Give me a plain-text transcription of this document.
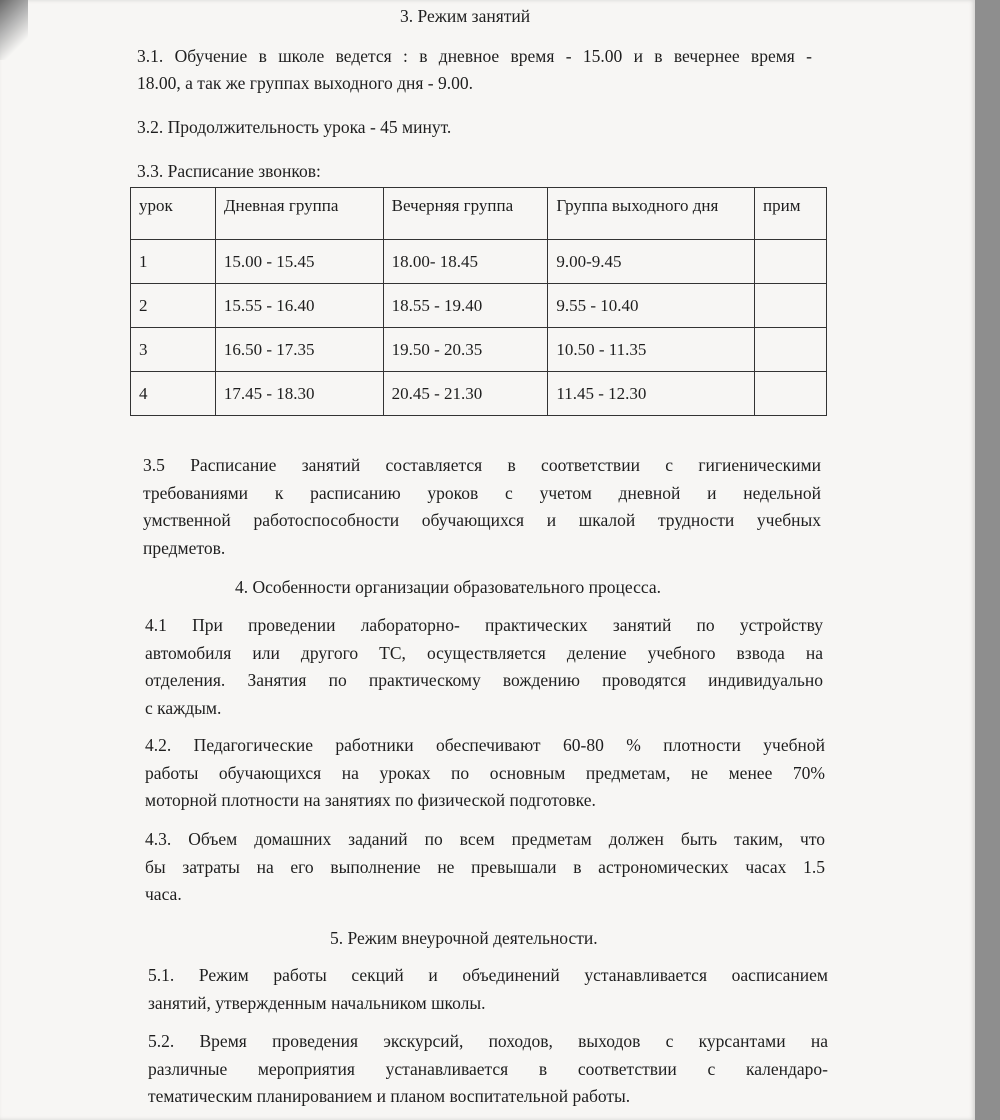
3. Режим занятий
3.1. Обучение в школе ведется : в дневное время - 15.00 и в вечернее время -
18.00, а так же группах выходного дня - 9.00.
3.2. Продолжительность урока - 45 минут.
3.3. Расписание звонков:
урок	Дневная группа	Вечерняя группа	Группа выходного дня	прим
1	15.00 - 15.45	18.00- 18.45	9.00-9.45	
2	15.55 - 16.40	18.55 - 19.40	9.55 - 10.40	
3	16.50 - 17.35	19.50 - 20.35	10.50 - 11.35	
4	17.45 - 18.30	20.45 - 21.30	11.45 - 12.30	
3.5 Расписание занятий составляется в соответствии с гигиеническими
требованиями к расписанию уроков с учетом дневной и недельной
умственной работоспособности обучающихся и шкалой трудности учебных
предметов.
4. Особенности организации образовательного процесса.
4.1 При проведении лабораторно- практических занятий по устройству
автомобиля или другого ТС, осуществляется деление учебного взвода на
отделения. Занятия по практическому вождению проводятся индивидуально
с каждым.
4.2. Педагогические работники обеспечивают 60-80 % плотности учебной
работы обучающихся на уроках по основным предметам, не менее 70%
моторной плотности на занятиях по физической подготовке.
4.3. Объем домашних заданий по всем предметам должен быть таким, что
бы затраты на его выполнение не превышали в астрономических часах 1.5
часа.
5. Режим внеурочной деятельности.
5.1. Режим работы секций и объединений устанавливается оасписанием
занятий, утвержденным начальником школы.
5.2. Время проведения экскурсий, походов, выходов с курсантами на
различные мероприятия устанавливается в соответствии с календаро-
тематическим планированием и планом воспитательной работы.
